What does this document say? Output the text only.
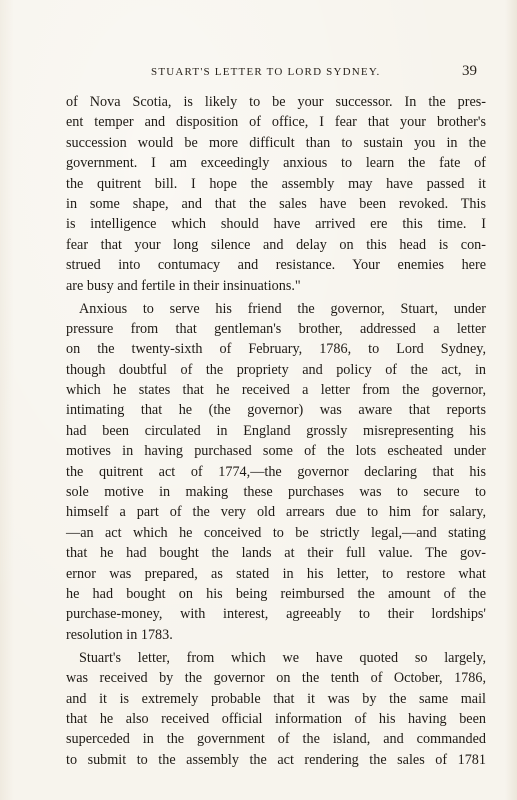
STUART'S LETTER TO LORD SYDNEY.	39
of Nova Scotia, is likely to be your successor. In the pres-
ent temper and disposition of office, I fear that your brother's
succession would be more difficult than to sustain you in the
government. I am exceedingly anxious to learn the fate of
the quitrent bill. I hope the assembly may have passed it
in some shape, and that the sales have been revoked. This
is intelligence which should have arrived ere this time. I
fear that your long silence and delay on this head is con-
strued into contumacy and resistance. Your enemies here
are busy and fertile in their insinuations."
Anxious to serve his friend the governor, Stuart, under
pressure from that gentleman's brother, addressed a letter
on the twenty-sixth of February, 1786, to Lord Sydney,
though doubtful of the propriety and policy of the act, in
which he states that he received a letter from the governor,
intimating that he (the governor) was aware that reports
had been circulated in England grossly misrepresenting his
motives in having purchased some of the lots escheated under
the quitrent act of 1774,—the governor declaring that his
sole motive in making these purchases was to secure to
himself a part of the very old arrears due to him for salary,
—an act which he conceived to be strictly legal,—and stating
that he had bought the lands at their full value. The gov-
ernor was prepared, as stated in his letter, to restore what
he had bought on his being reimbursed the amount of the
purchase-money, with interest, agreeably to their lordships'
resolution in 1783.
Stuart's letter, from which we have quoted so largely,
was received by the governor on the tenth of October, 1786,
and it is extremely probable that it was by the same mail
that he also received official information of his having been
superceded in the government of the island, and commanded
to submit to the assembly the act rendering the sales of 1781
